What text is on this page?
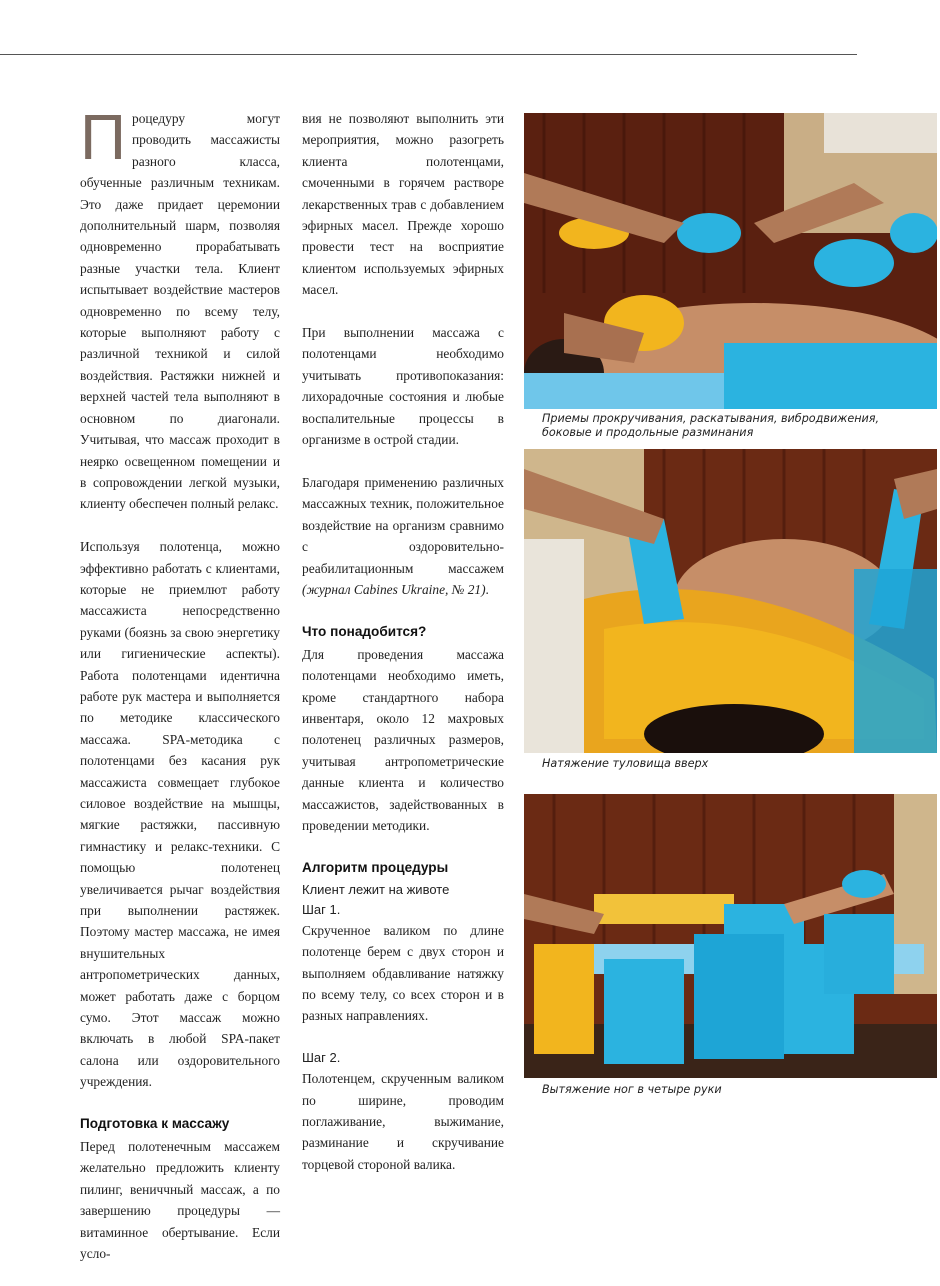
Процедуру могут проводить массажисты разного класса, обученные различным техникам. Это даже придает церемонии дополнительный шарм, позволяя одновременно прорабатывать разные участки тела. Клиент испытывает воздействие мастеров одновременно по всему телу, которые выполняют работу с различной техникой и силой воздействия. Растяжки нижней и верхней частей тела выполняют в основном по диагонали. Учитывая, что массаж проходит в неярко освещенном помещении и в сопровождении легкой музыки, клиенту обеспечен полный релакс.

Используя полотенца, можно эффективно работать с клиентами, которые не приемлют работу массажиста непосредственно руками (боязнь за свою энергетику или гигиенические аспекты). Работа полотенцами идентична работе рук мастера и выполняется по методике классического массажа. SPA-методика с полотенцами без касания рук массажиста совмещает глубокое силовое воздействие на мышцы, мягкие растяжки, пассивную гимнастику и релакс-техники. С помощью полотенец увеличивается рычаг воздействия при выполнении растяжек. Поэтому мастер массажа, не имея внушительных антропометрических данных, может работать даже с борцом сумо. Этот массаж можно включать в любой SPA-пакет салона или оздоровительного учреждения.

Подготовка к массажу

Перед полотенечным массажем желательно предложить клиенту пилинг, вениччный массаж, а по завершению процедуры — витаминное обертывание. Если усло-

вия не позволяют выполнить эти мероприятия, можно разогреть клиента полотенцами, смоченными в горячем растворе лекарственных трав с добавлением эфирных масел. Прежде хорошо провести тест на восприятие клиентом используемых эфирных масел.

При выполнении массажа с полотенцами необходимо учитывать противопоказания: лихорадочные состояния и любые воспалительные процессы в организме в острой стадии.

Благодаря применению различных массажных техник, положительное воздействие на организм сравнимо с оздоровительно-реабилитационным массажем (журнал Cabines Ukraine, № 21).

Что понадобится?

Для проведения массажа полотенцами необходимо иметь, кроме стандартного набора инвентаря, около 12 махровых полотенец различных размеров, учитывая антропометрические данные клиента и количество массажистов, задействованных в проведении методики.

Алгоритм процедуры

Клиент лежит на животе

Шаг 1.

Скрученное валиком по длине полотенце берем с двух сторон и выполняем обдавливание натяжку по всему телу, со всех сторон и в разных направлениях.

Шаг 2.

Полотенцем, скрученным валиком по ширине, проводим поглаживание, выжимание, разминание и скручивание торцевой стороной валика.

Приемы прокручивания, раскатывания, вибродвижения, боковые и продольные разминания
Натяжение туловища вверх
Вытяжение ног в четыре руки
